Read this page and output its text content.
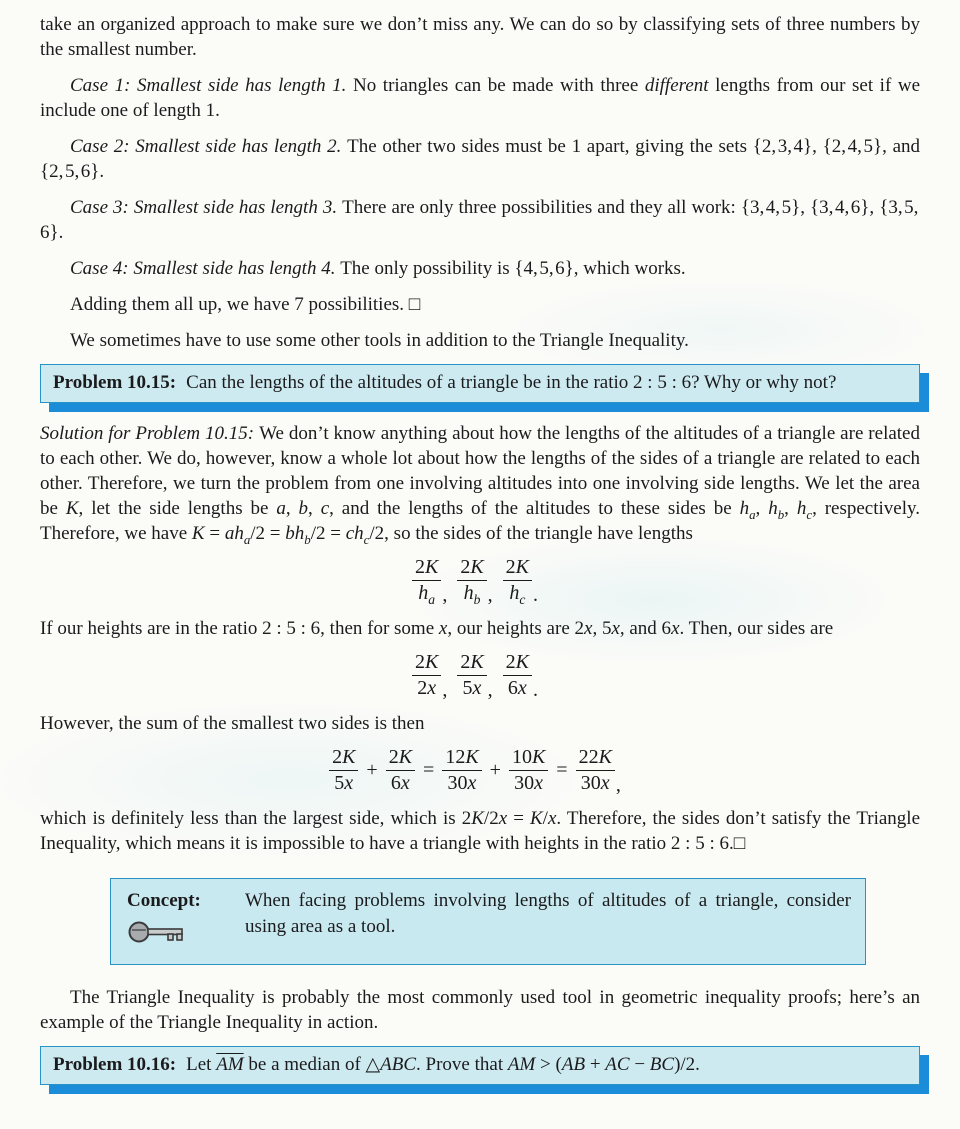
take an organized approach to make sure we don’t miss any. We can do so by classifying sets of three numbers by the smallest number.

Case 1: Smallest side has length 1. No triangles can be made with three different lengths from our set if we include one of length 1.

Case 2: Smallest side has length 2. The other two sides must be 1 apart, giving the sets {2, 3, 4}, {2, 4, 5}, and {2, 5, 6}.

Case 3: Smallest side has length 3. There are only three possibilities and they all work: {3, 4, 5}, {3, 4, 6}, {3, 5, 6}.

Case 4: Smallest side has length 4. The only possibility is {4, 5, 6}, which works.

Adding them all up, we have 7 possibilities. □

We sometimes have to use some other tools in addition to the Triangle Inequality.

Problem 10.15: Can the lengths of the altitudes of a triangle be in the ratio 2 : 5 : 6? Why or why not?

Solution for Problem 10.15: We don’t know anything about how the lengths of the altitudes of a triangle are related to each other. We do, however, know a whole lot about how the lengths of the sides of a triangle are related to each other. Therefore, we turn the problem from one involving altitudes into one involving side lengths. We let the area be K, let the side lengths be a, b, c, and the lengths of the altitudes to these sides be $h_a$, $h_b$, $h_c$, respectively. Therefore, we have $K = ah_a/2 = bh_b/2 = ch_c/2$, so the sides of the triangle have lengths

$\frac{2K}{h_a}$ , $\frac{2K}{h_b}$ , $\frac{2K}{h_c}$ .

If our heights are in the ratio 2 : 5 : 6, then for some x, our heights are 2x, 5x, and 6x. Then, our sides are

$\frac{2K}{2x}$ , $\frac{2K}{5x}$ , $\frac{2K}{6x}$ .

However, the sum of the smallest two sides is then

$\frac{2K}{5x} + \frac{2K}{6x} = \frac{12K}{30x} + \frac{10K}{30x} = \frac{22K}{30x}$ ,

which is definitely less than the largest side, which is 2K/2x = K/x. Therefore, the sides don’t satisfy the Triangle Inequality, which means it is impossible to have a triangle with heights in the ratio 2 : 5 : 6.□

Concept:	When facing problems involving lengths of altitudes of a triangle, consider using area as a tool.

The Triangle Inequality is probably the most commonly used tool in geometric inequality proofs; here’s an example of the Triangle Inequality in action.

Problem 10.16: Let $\overline{AM}$ be a median of △ABC. Prove that AM > (AB + AC − BC)/2.
